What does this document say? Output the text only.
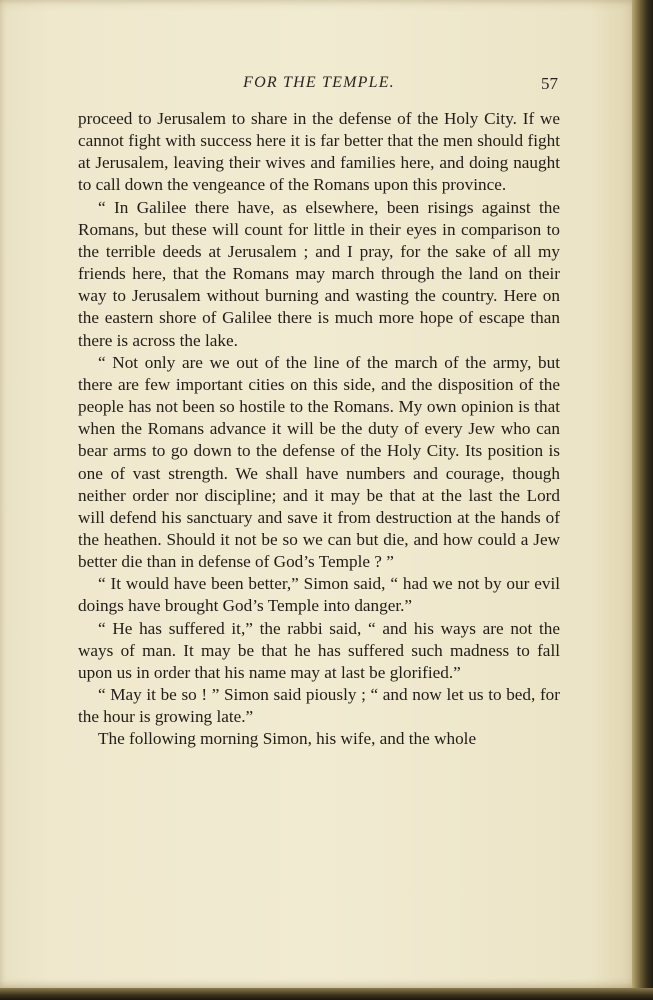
FOR THE TEMPLE.	57

proceed to Jerusalem to share in the defense of the Holy City. If we cannot fight with success here it is far better that the men should fight at Jerusalem, leaving their wives and families here, and doing naught to call down the vengeance of the Romans upon this province.

“ In Galilee there have, as elsewhere, been risings against the Romans, but these will count for little in their eyes in comparison to the terrible deeds at Jerusalem ; and I pray, for the sake of all my friends here, that the Romans may march through the land on their way to Jerusalem without burning and wasting the country. Here on the eastern shore of Galilee there is much more hope of escape than there is across the lake.

“ Not only are we out of the line of the march of the army, but there are few important cities on this side, and the disposition of the people has not been so hostile to the Romans. My own opinion is that when the Romans advance it will be the duty of every Jew who can bear arms to go down to the defense of the Holy City. Its position is one of vast strength. We shall have numbers and courage, though neither order nor discipline; and it may be that at the last the Lord will defend his sanctuary and save it from destruction at the hands of the heathen. Should it not be so we can but die, and how could a Jew better die than in defense of God’s Temple ? ”

“ It would have been better,” Simon said, “ had we not by our evil doings have brought God’s Temple into danger.”

“ He has suffered it,” the rabbi said, “ and his ways are not the ways of man. It may be that he has suffered such madness to fall upon us in order that his name may at last be glorified.”

“ May it be so ! ” Simon said piously ; “ and now let us to bed, for the hour is growing late.”

The following morning Simon, his wife, and the whole
